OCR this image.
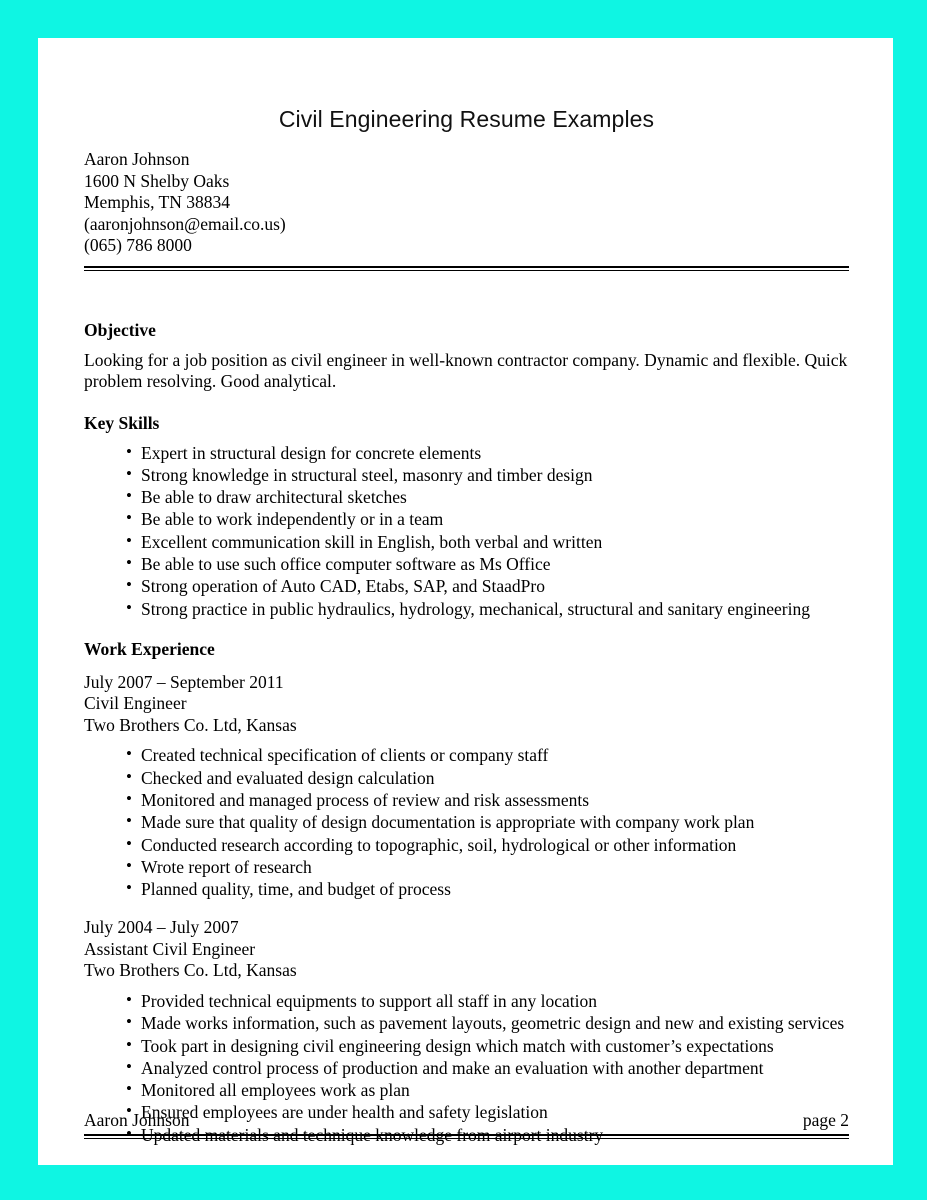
Civil Engineering Resume Examples
Aaron Johnson
1600 N Shelby Oaks
Memphis, TN 38834
(aaronjohnson@email.co.us)
(065) 786 8000
Objective

Looking for a job position as civil engineer in well-known contractor company. Dynamic and flexible. Quick problem resolving. Good analytical.

Key Skills
• Expert in structural design for concrete elements
• Strong knowledge in structural steel, masonry and timber design
• Be able to draw architectural sketches
• Be able to work independently or in a team
• Excellent communication skill in English, both verbal and written
• Be able to use such office computer software as Ms Office
• Strong operation of Auto CAD, Etabs, SAP, and StaadPro
• Strong practice in public hydraulics, hydrology, mechanical, structural and sanitary engineering
Work Experience
July 2007 – September 2011
Civil Engineer
Two Brothers Co. Ltd, Kansas
• Created technical specification of clients or company staff
• Checked and evaluated design calculation
• Monitored and managed process of review and risk assessments
• Made sure that quality of design documentation is appropriate with company work plan
• Conducted research according to topographic, soil, hydrological or other information
• Wrote report of research
• Planned quality, time, and budget of process
July 2004 – July 2007
Assistant Civil Engineer
Two Brothers Co. Ltd, Kansas
• Provided technical equipments to support all staff in any location
• Made works information, such as pavement layouts, geometric design and new and existing services
• Took part in designing civil engineering design which match with customer’s expectations
• Analyzed control process of production and make an evaluation with another department
• Monitored all employees work as plan
• Ensured employees are under health and safety legislation
• Updated materials and technique knowledge from airport industry
Aaron Johnson	page 2
